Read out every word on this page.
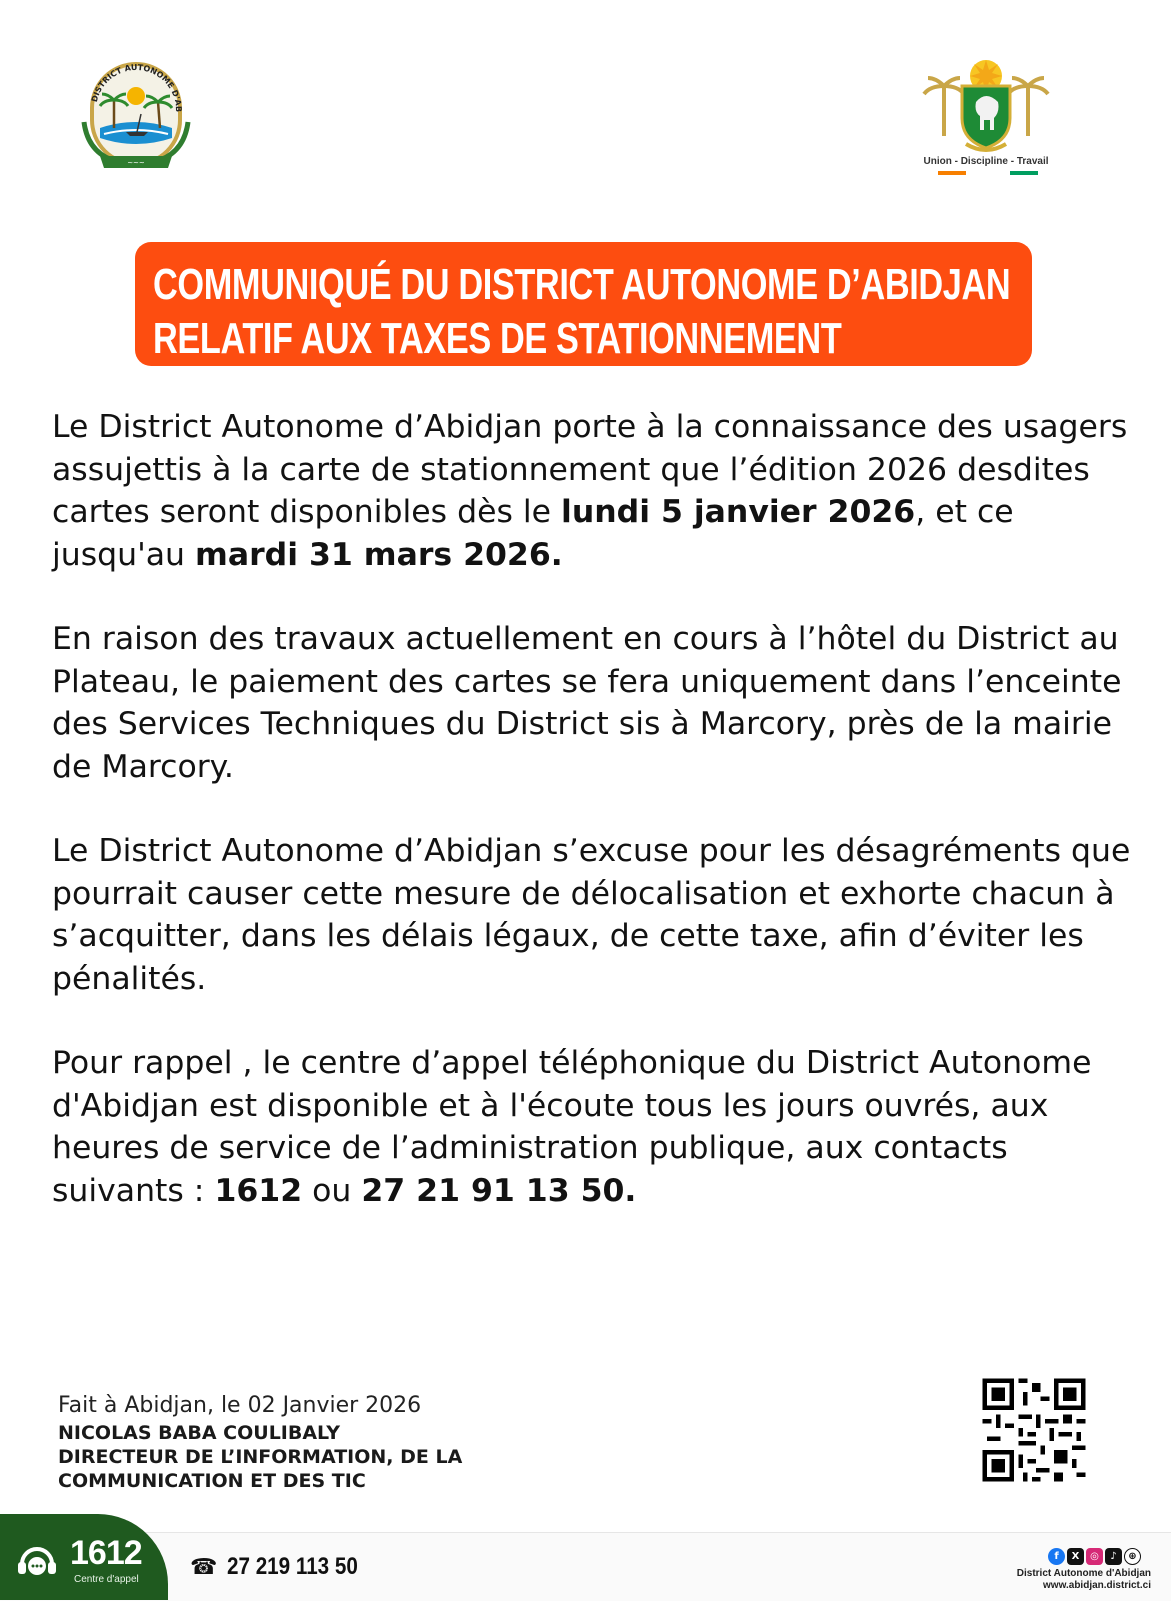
DISTRICT AUTONOME D'AB
~~~	Union - Discipline - Travail
COMMUNIQUÉ DU DISTRICT AUTONOME D’ABIDJAN
RELATIF AUX TAXES DE STATIONNEMENT

Le District Autonome d’Abidjan porte à la connaissance des usagers assujettis à la carte de stationnement que l’édition 2026 desdites cartes seront disponibles dès le lundi 5 janvier 2026, et ce jusqu'au mardi 31 mars 2026.

En raison des travaux actuellement en cours à l’hôtel du District au Plateau, le paiement des cartes se fera uniquement dans l’enceinte des Services Techniques du District sis à Marcory, près de la mairie de Marcory.

Le District Autonome d’Abidjan s’excuse pour les désagréments que pourrait causer cette mesure de délocalisation et exhorte chacun à s’acquitter, dans les délais légaux, de cette taxe, afin d’éviter les pénalités.

Pour rappel , le centre d’appel téléphonique du District Autonome d'Abidjan est disponible et à l'écoute tous les jours ouvrés, aux heures de service de l’administration publique, aux contacts suivants : 1612 ou 27 21 91 13 50.

Fait à Abidjan, le 02 Janvier 2026
NICOLAS BABA COULIBALY
DIRECTEUR DE L’INFORMATION, DE LA
COMMUNICATION ET DES TIC
1612
Centre d'appel ☎ 27 219 113 50	f	X	◎	♪	⊕
District Autonome d'Abidjan
www.abidjan.district.ci
